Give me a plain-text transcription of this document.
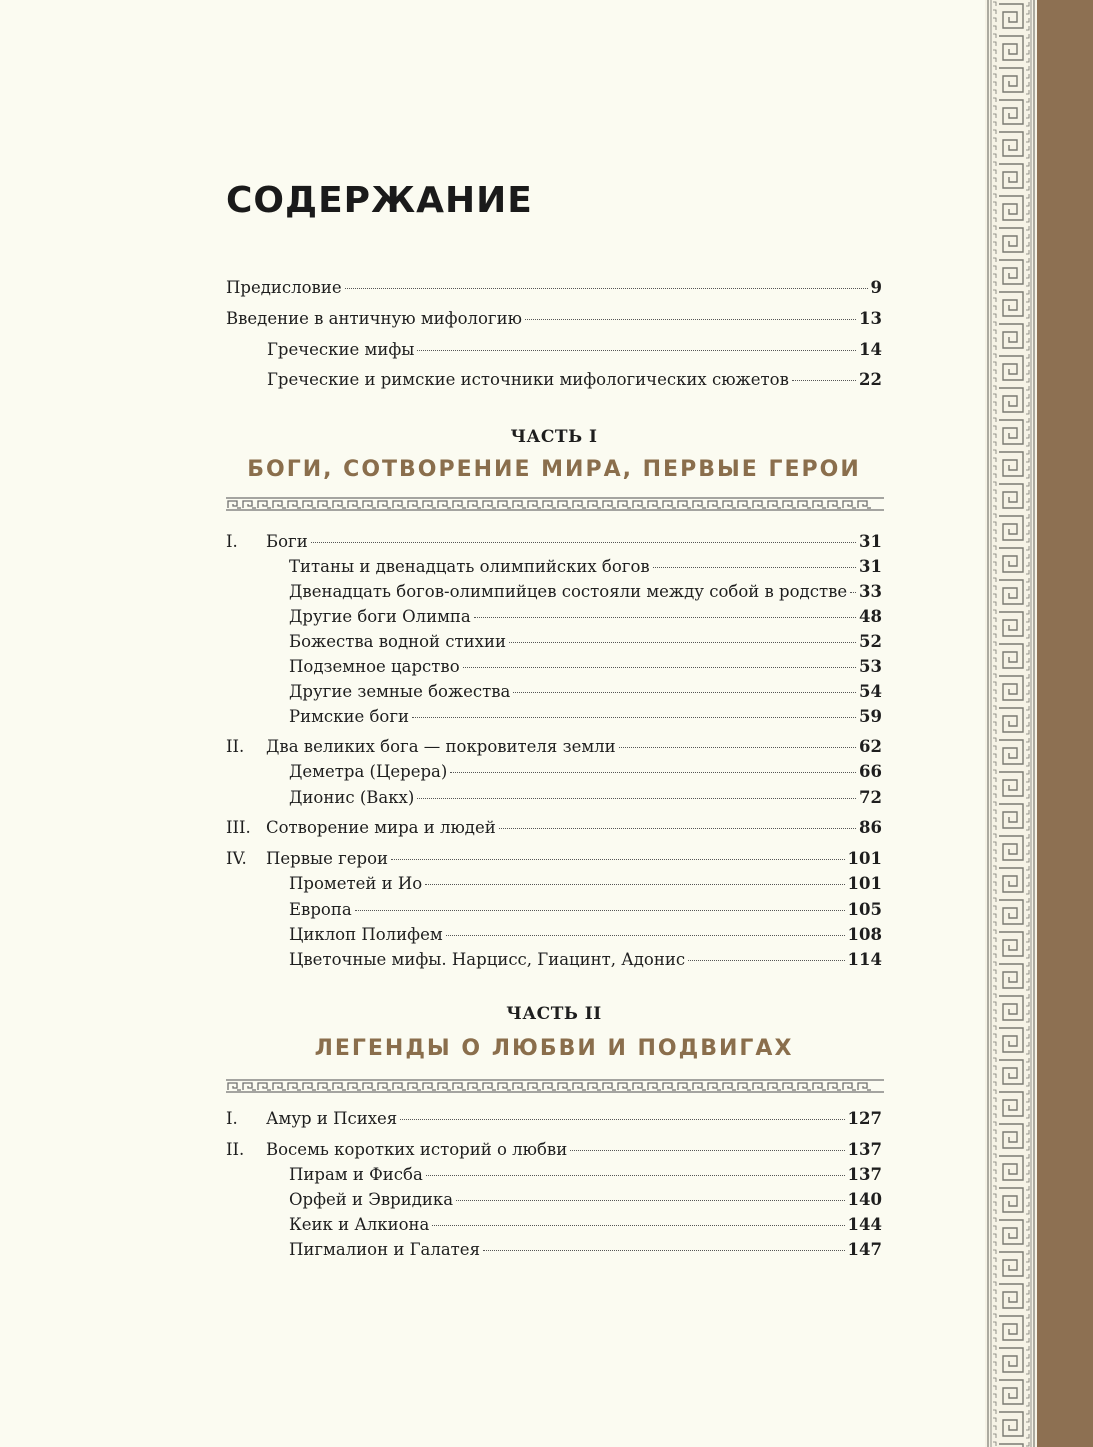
СОДЕРЖАНИЕ
Предисловие	9
Введение в античную мифологию	13
Греческие мифы	14
Греческие и римские источники мифологических сюжетов	22
ЧАСТЬ I
БОГИ, СОТВОРЕНИЕ МИРА, ПЕРВЫЕ ГЕРОИ
I.	Боги	31
Титаны и двенадцать олимпийских богов	31
Двенадцать богов-олимпийцев состояли между собой в родстве 33
Другие боги Олимпа	48
Божества водной стихии	52
Подземное царство	53
Другие земные божества	54
Римские боги	59
II.	Два великих бога — покровителя земли	62
Деметра (Церера)	66
Дионис (Вакх)	72
III. Сотворение мира и людей	86
IV.	Первые герои	101
Прометей и Ио	101
Европа	105
Циклоп Полифем	108
Цветочные мифы. Нарцисс, Гиацинт, Адонис	114
ЧАСТЬ II
ЛЕГЕНДЫ О ЛЮБВИ И ПОДВИГАХ
I.	Амур и Психея	127
II.	Восемь коротких историй о любви	137
Пирам и Фисба	137
Орфей и Эвридика	140
Кеик и Алкиона	144
Пигмалион и Галатея	147
